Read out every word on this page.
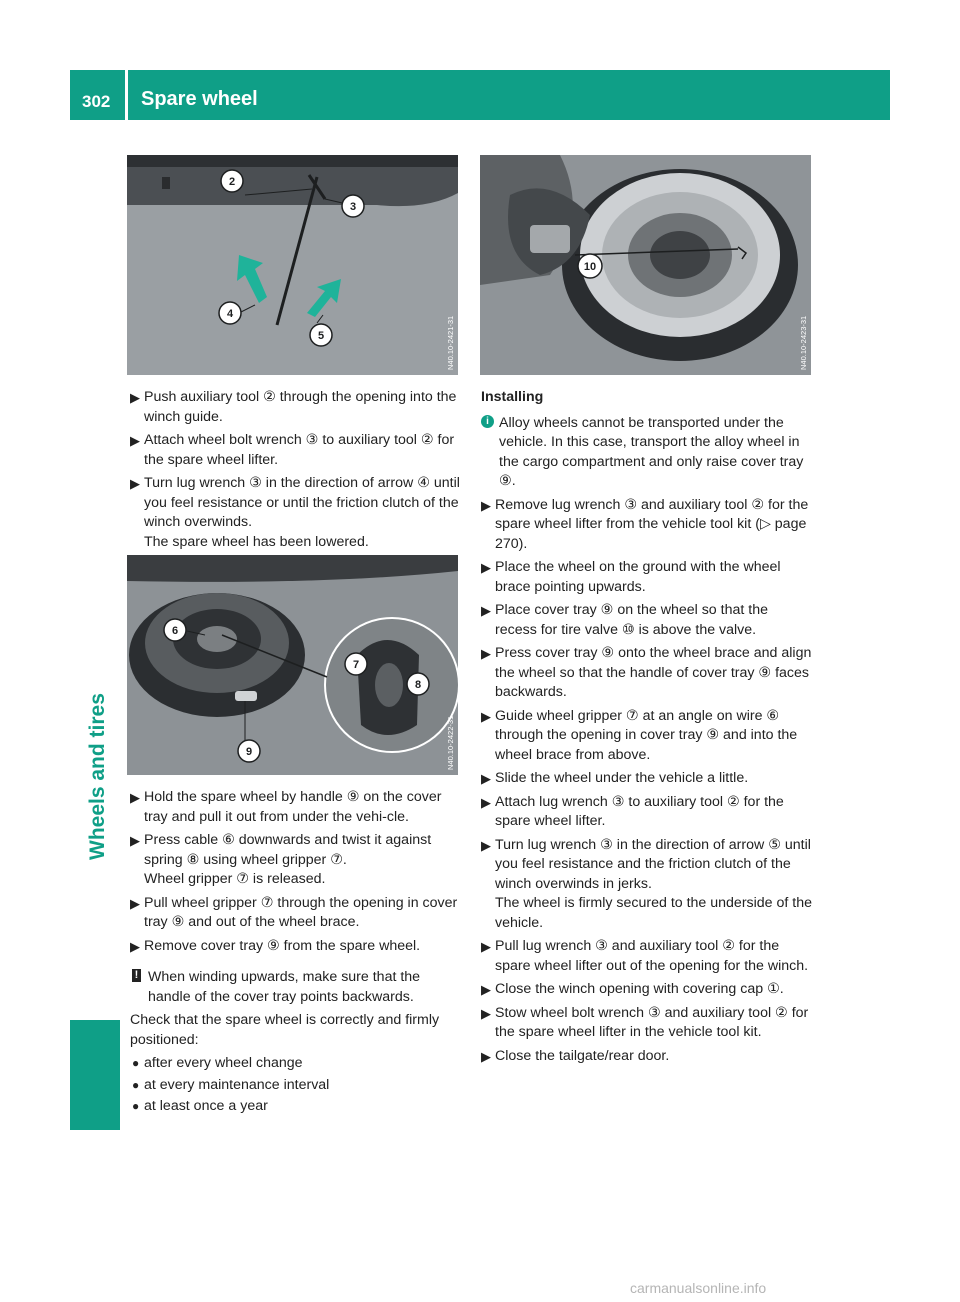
302 Spare wheel
Wheels and tires
2
3
4
5	N40.10-2421-31
10
N40.10-2423-31
6
7
8
9	N40.10-2422-31
▶ Push auxiliary tool ② through the opening into the winch guide.
▶ Attach wheel bolt wrench ③ to auxiliary tool ② for the spare wheel lifter.
▶ Turn lug wrench ③ in the direction of arrow ④ until you feel resistance or until the friction clutch of the winch overwinds.
The spare wheel has been lowered.
▶ Hold the spare wheel by handle ⑨ on the cover tray and pull it out from under the vehi-cle.
▶ Press cable ⑥ downwards and twist it against spring ⑧ using wheel gripper ⑦.
Wheel gripper ⑦ is released.
▶ Pull wheel gripper ⑦ through the opening in cover tray ⑨ and out of the wheel brace.
▶ Remove cover tray ⑨ from the spare wheel.
! When winding upwards, make sure that the handle of the cover tray points backwards.
Check that the spare wheel is correctly and firmly positioned:
● after every wheel change
● at every maintenance interval
● at least once a year
Installing
i Alloy wheels cannot be transported under the vehicle. In this case, transport the alloy wheel in the cargo compartment and only raise cover tray ⑨.
▶ Remove lug wrench ③ and auxiliary tool ② for the spare wheel lifter from the vehicle tool kit (▷ page 270).
▶ Place the wheel on the ground with the wheel brace pointing upwards.
▶ Place cover tray ⑨ on the wheel so that the recess for tire valve ⑩ is above the valve.
▶ Press cover tray ⑨ onto the wheel brace and align the wheel so that the handle of cover tray ⑨ faces backwards.
▶ Guide wheel gripper ⑦ at an angle on wire ⑥ through the opening in cover tray ⑨ and into the wheel brace from above.
▶ Slide the wheel under the vehicle a little.
▶ Attach lug wrench ③ to auxiliary tool ② for the spare wheel lifter.
▶ Turn lug wrench ③ in the direction of arrow ⑤ until you feel resistance and the friction clutch of the winch overwinds in jerks.
The wheel is firmly secured to the underside of the vehicle.
▶ Pull lug wrench ③ and auxiliary tool ② for the spare wheel lifter out of the opening for the winch.
▶ Close the winch opening with covering cap ①.
▶ Stow wheel bolt wrench ③ and auxiliary tool ② for the spare wheel lifter in the vehicle tool kit.
▶ Close the tailgate/rear door.
carmanualsonline.info
